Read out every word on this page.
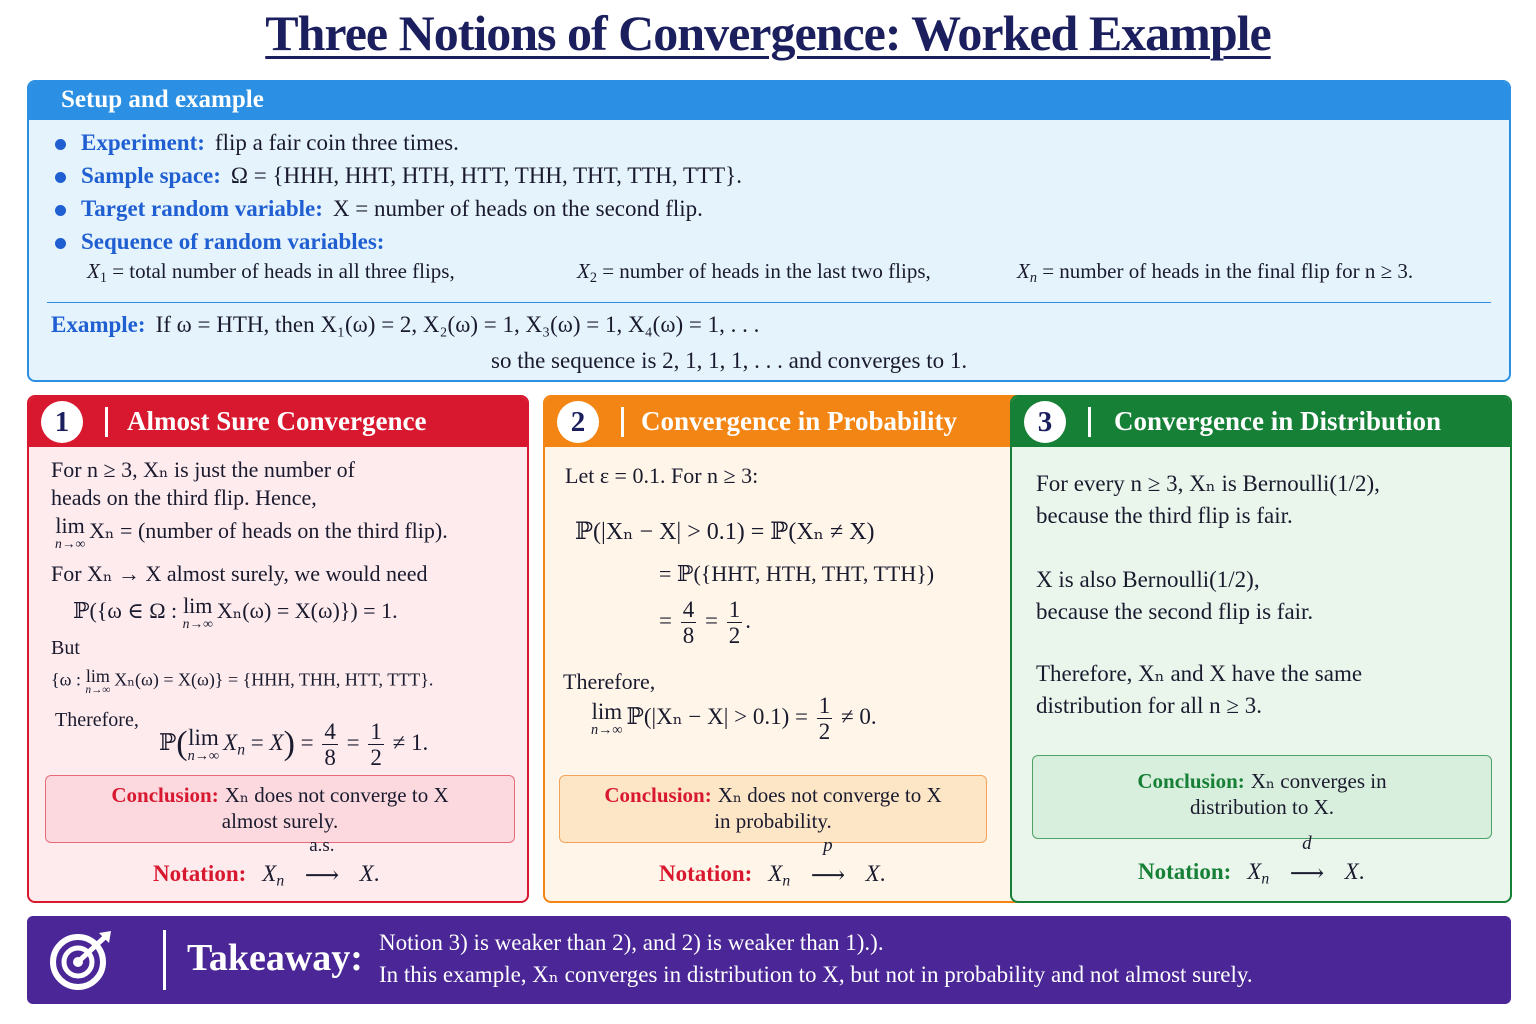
Three Notions of Convergence: Worked Example
Setup and example
Experiment: flip a fair coin three times.
Sample space: Ω = {HHH, HHT, HTH, HTT, THH, THT, TTH, TTT}.
Target random variable: X = number of heads on the second flip.
Sequence of random variables:
X1 = total number of heads in all three flips,	X2 = number of heads in the last two flips,	$X_n$ = number of heads in the final flip for n ≥ 3.
Example: If ω = HTH, then X₁(ω) = 2, X₂(ω) = 1, X₃(ω) = 1, X₄(ω) = 1, . . .
so the sequence is 2, 1, 1, 1, . . . and converges to 1.
1	Almost Sure Convergence
For n ≥ 3, Xₙ is just the number of
heads on the third flip. Hence,
lim
n→∞
Xₙ = (number of heads on the third flip).
For Xₙ → X almost surely, we would need
ℙ({ω ∈ Ω : lim
n→∞
Xₙ(ω) = X(ω)}) = 1.
But
{ω : lim
n→∞
Xₙ(ω) = X(ω)} = {HHH, THH, HTT, TTT}.
Therefore,
ℙ( lim
n→∞
$X_n = X) = \frac{4}{8} = \frac{1}{2} \ne 1$.
Conclusion: Xₙ does not converge to X
almost surely.
Notation: $X_n$
a.s.
⟶ X.
2	Convergence in Probability
Let ε = 0.1. For n ≥ 3:
ℙ(|Xₙ − X| > 0.1) = ℙ(Xₙ ≠ X)
= ℙ({HHT, HTH, THT, TTH})
= $\frac{4}{8} = \frac{1}{2}$ .
Therefore,
lim
n→∞
ℙ(|Xₙ − $X| > 0.1) = \frac{1}{2} \ne 0$.
Conclusion: Xₙ does not converge to X
in probability.
Notation: $X_n$
p
⟶ X.
3	Convergence in Distribution
For every n ≥ 3, Xₙ is Bernoulli(1/2),
because the third flip is fair.
X is also Bernoulli(1/2),
because the second flip is fair.
Therefore, Xₙ and X have the same
distribution for all n ≥ 3.
Conclusion: Xₙ converges in
distribution to X.
Notation: $X_n$
d
⟶ X.
Takeaway: Notion 3) is weaker than 2), and 2) is weaker than 1).).
In this example, Xₙ converges in distribution to X, but not in probability and not almost surely.
